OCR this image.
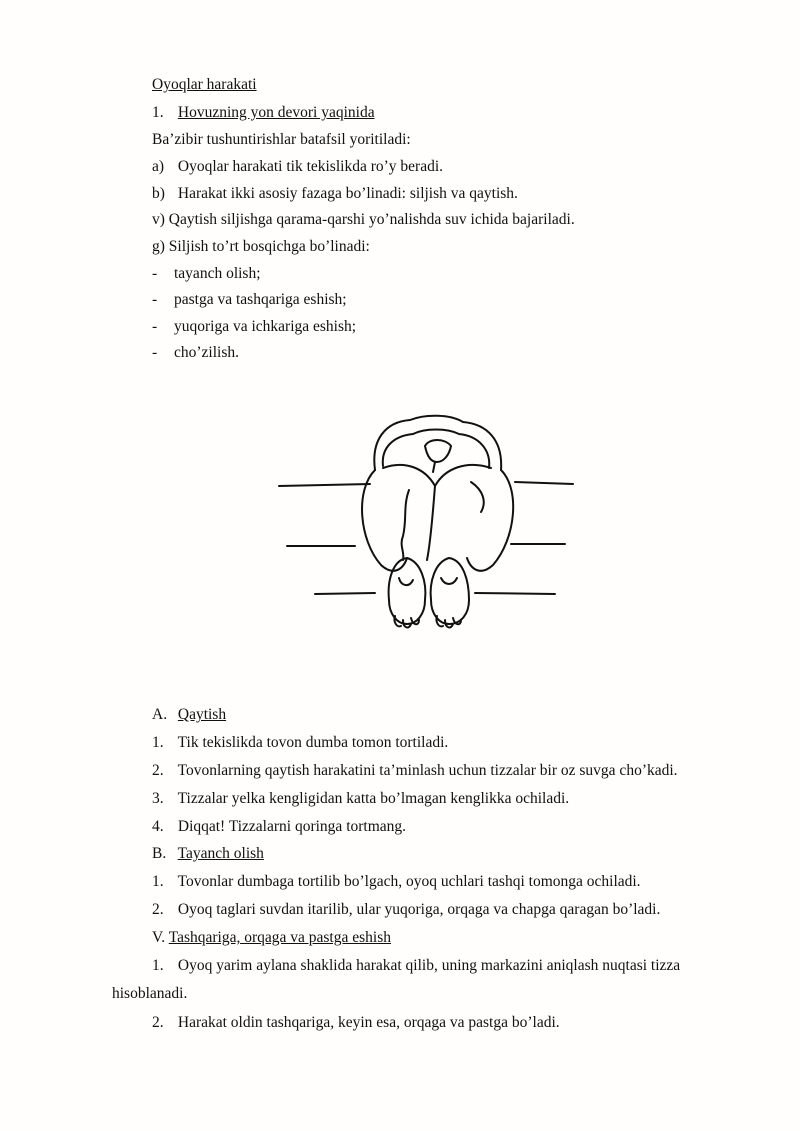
Oyoqlar harakati
1. Hovuzning yon devori yaqinida
Ba’zibir tushuntirishlar batafsil yoritiladi:
a) Oyoqlar harakati tik tekislikda ro’y beradi.
b) Harakat ikki asosiy fazaga bo’linadi: siljish va qaytish.
v) Qaytish siljishga qarama-qarshi yo’nalishda suv ichida bajariladi.
g) Siljish to’rt bosqichga bo’linadi:
- tayanch olish;
- pastga va tashqariga eshish;
- yuqoriga va ichkariga eshish;
- cho’zilish.
A. Qaytish
1. Tik tekislikda tovon dumba tomon tortiladi.
2. Tovonlarning qaytish harakatini ta’minlash uchun tizzalar bir oz suvga cho’kadi.
3. Tizzalar yelka kengligidan katta bo’lmagan kenglikka ochiladi.
4. Diqqat! Tizzalarni qoringa tortmang.
B. Tayanch olish
1. Tovonlar dumbaga tortilib bo’lgach, oyoq uchlari tashqi tomonga ochiladi.
2. Oyoq taglari suvdan itarilib, ular yuqoriga, orqaga va chapga qaragan bo’ladi.
V. Tashqariga, orqaga va pastga eshish
1. Oyoq yarim aylana shaklida harakat qilib, uning markazini aniqlash nuqtasi tizza
hisoblanadi.
2. Harakat oldin tashqariga, keyin esa, orqaga va pastga bo’ladi.
